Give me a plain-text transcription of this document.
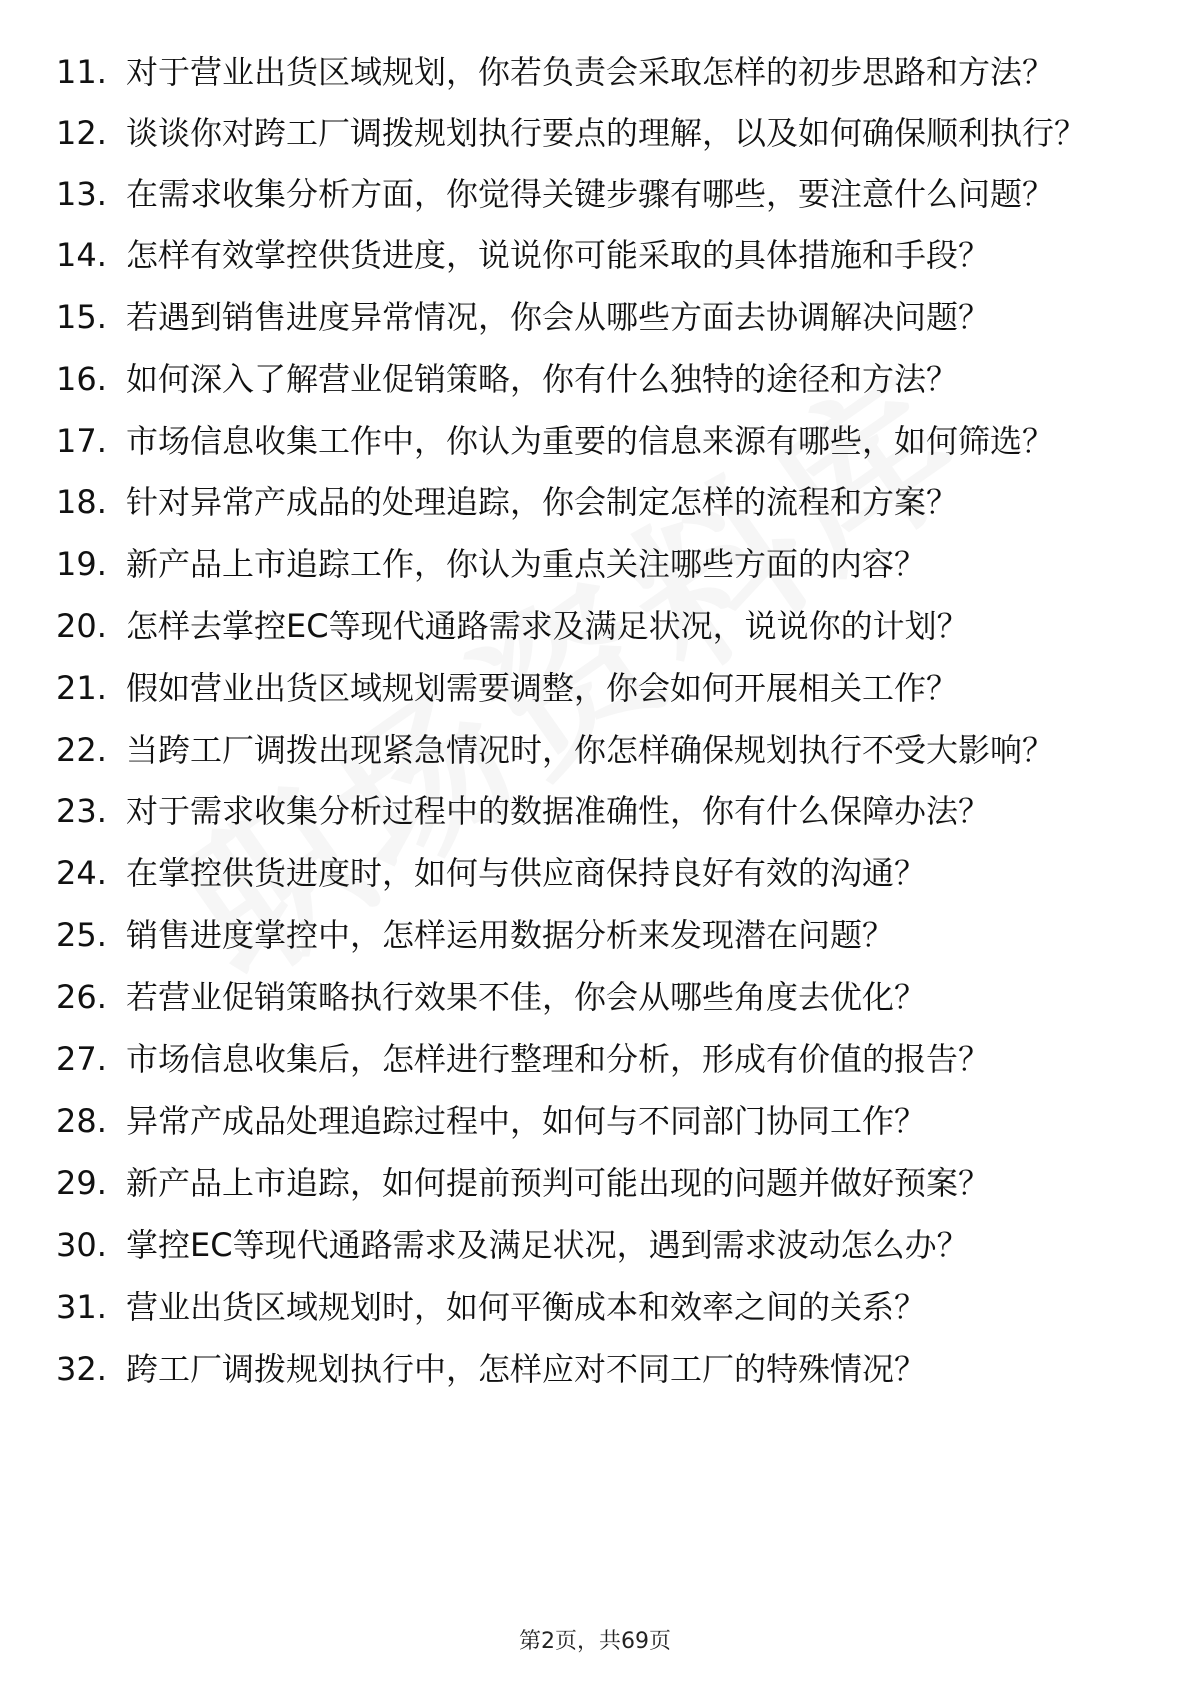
11. 对于营业出货区域规划，你若负责会采取怎样的初步思路和方法？
12. 谈谈你对跨工厂调拨规划执行要点的理解，以及如何确保顺利执行？
13. 在需求收集分析方面，你觉得关键步骤有哪些，要注意什么问题？
14. 怎样有效掌控供货进度，说说你可能采取的具体措施和手段？
15. 若遇到销售进度异常情况，你会从哪些方面去协调解决问题？
16. 如何深入了解营业促销策略，你有什么独特的途径和方法？
17. 市场信息收集工作中，你认为重要的信息来源有哪些，如何筛选？
18. 针对异常产成品的处理追踪，你会制定怎样的流程和方案？
19. 新产品上市追踪工作，你认为重点关注哪些方面的内容？
20. 怎样去掌控EC等现代通路需求及满足状况，说说你的计划？
21. 假如营业出货区域规划需要调整，你会如何开展相关工作？
22. 当跨工厂调拨出现紧急情况时，你怎样确保规划执行不受大影响？
23. 对于需求收集分析过程中的数据准确性，你有什么保障办法？
24. 在掌控供货进度时，如何与供应商保持良好有效的沟通？
25. 销售进度掌控中，怎样运用数据分析来发现潜在问题？
26. 若营业促销策略执行效果不佳，你会从哪些角度去优化？
27. 市场信息收集后，怎样进行整理和分析，形成有价值的报告？
28. 异常产成品处理追踪过程中，如何与不同部门协同工作？
29. 新产品上市追踪，如何提前预判可能出现的问题并做好预案？
30. 掌控EC等现代通路需求及满足状况，遇到需求波动怎么办？
31. 营业出货区域规划时，如何平衡成本和效率之间的关系？
32. 跨工厂调拨规划执行中，怎样应对不同工厂的特殊情况？
第2页，共69页
